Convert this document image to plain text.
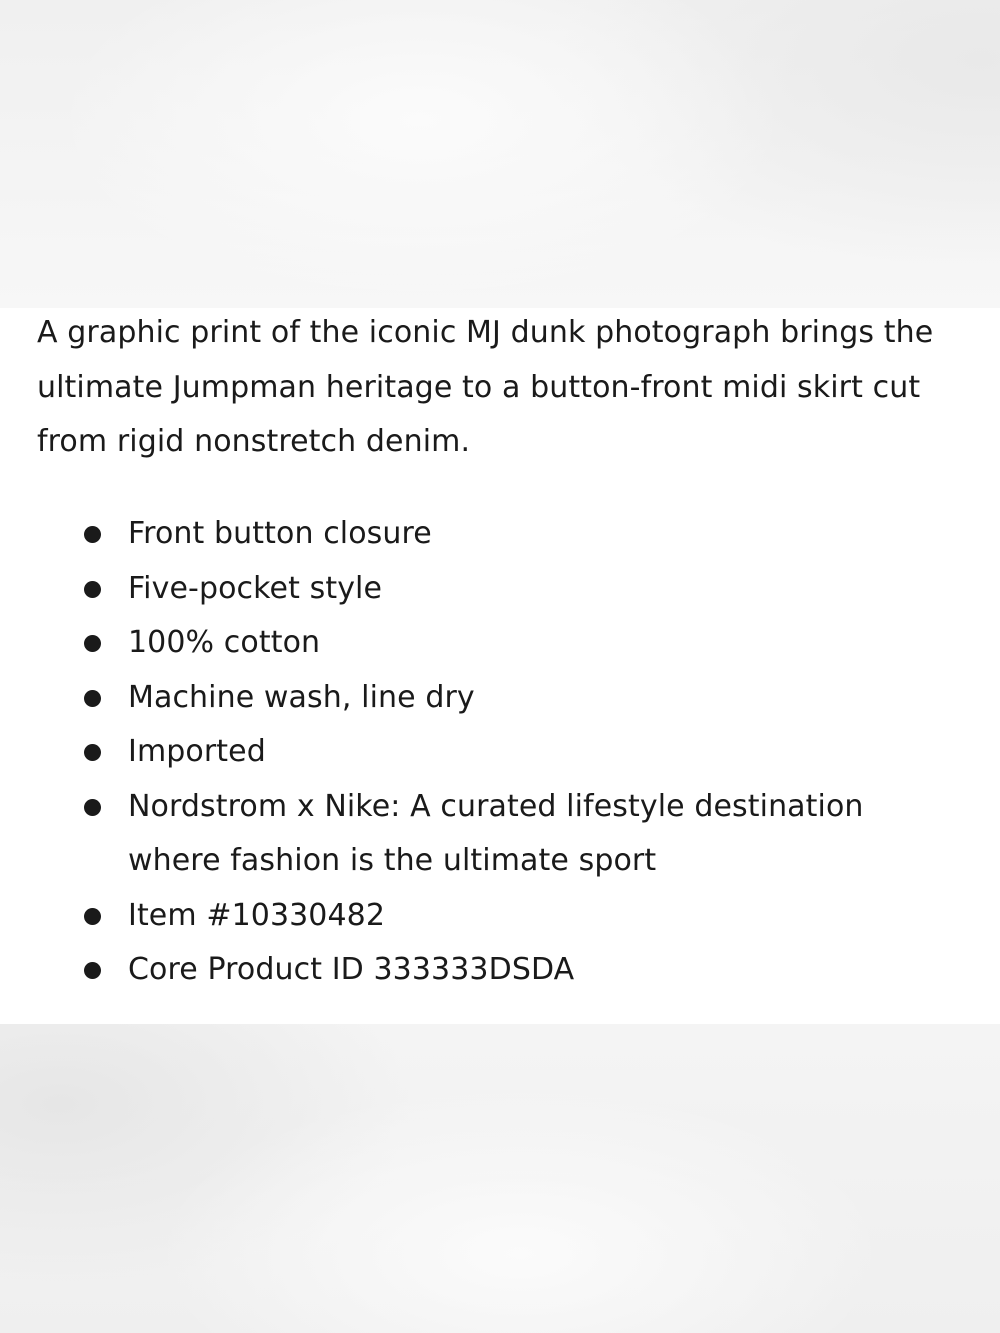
A graphic print of the iconic MJ dunk photograph brings the ultimate Jumpman heritage to a button-front midi skirt cut from rigid nonstretch denim.

Front button closure
Five-pocket style
100% cotton
Machine wash, line dry
Imported
Nordstrom x Nike: A curated lifestyle destination where fashion is the ultimate sport
Item #10330482
Core Product ID 333333DSDA
